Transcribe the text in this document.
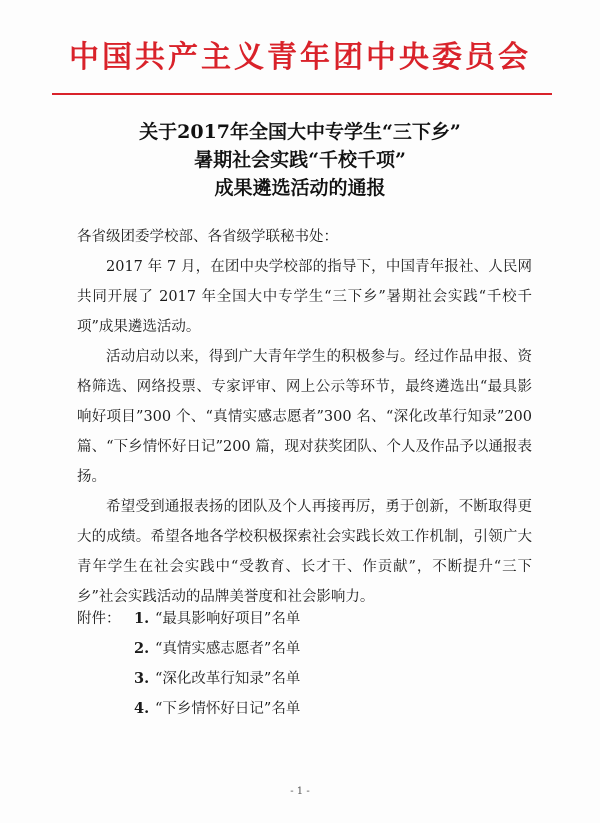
中国共产主义青年团中央委员会
关于2017年全国大中专学生“三下乡”
暑期社会实践“千校千项”
成果遴选活动的通报

各省级团委学校部、各省级学联秘书处：

2017 年 7 月，在团中央学校部的指导下，中国青年报社、人民网共同开展了 2017 年全国大中专学生“三下乡”暑期社会实践“千校千项”成果遴选活动。

活动启动以来，得到广大青年学生的积极参与。经过作品申报、资格筛选、网络投票、专家评审、网上公示等环节，最终遴选出“最具影响好项目”300 个、“真情实感志愿者”300 名、“深化改革行知录”200 篇、“下乡情怀好日记”200 篇，现对获奖团队、个人及作品予以通报表扬。

希望受到通报表扬的团队及个人再接再厉，勇于创新，不断取得更大的成绩。希望各地各学校积极探索社会实践长效工作机制，引领广大青年学生在社会实践中“受教育、长才干、作贡献”，不断提升“三下乡”社会实践活动的品牌美誉度和社会影响力。

附件： 1. “最具影响好项目”名单
2. “真情实感志愿者”名单
3. “深化改革行知录”名单
4. “下乡情怀好日记”名单
- 1 -
